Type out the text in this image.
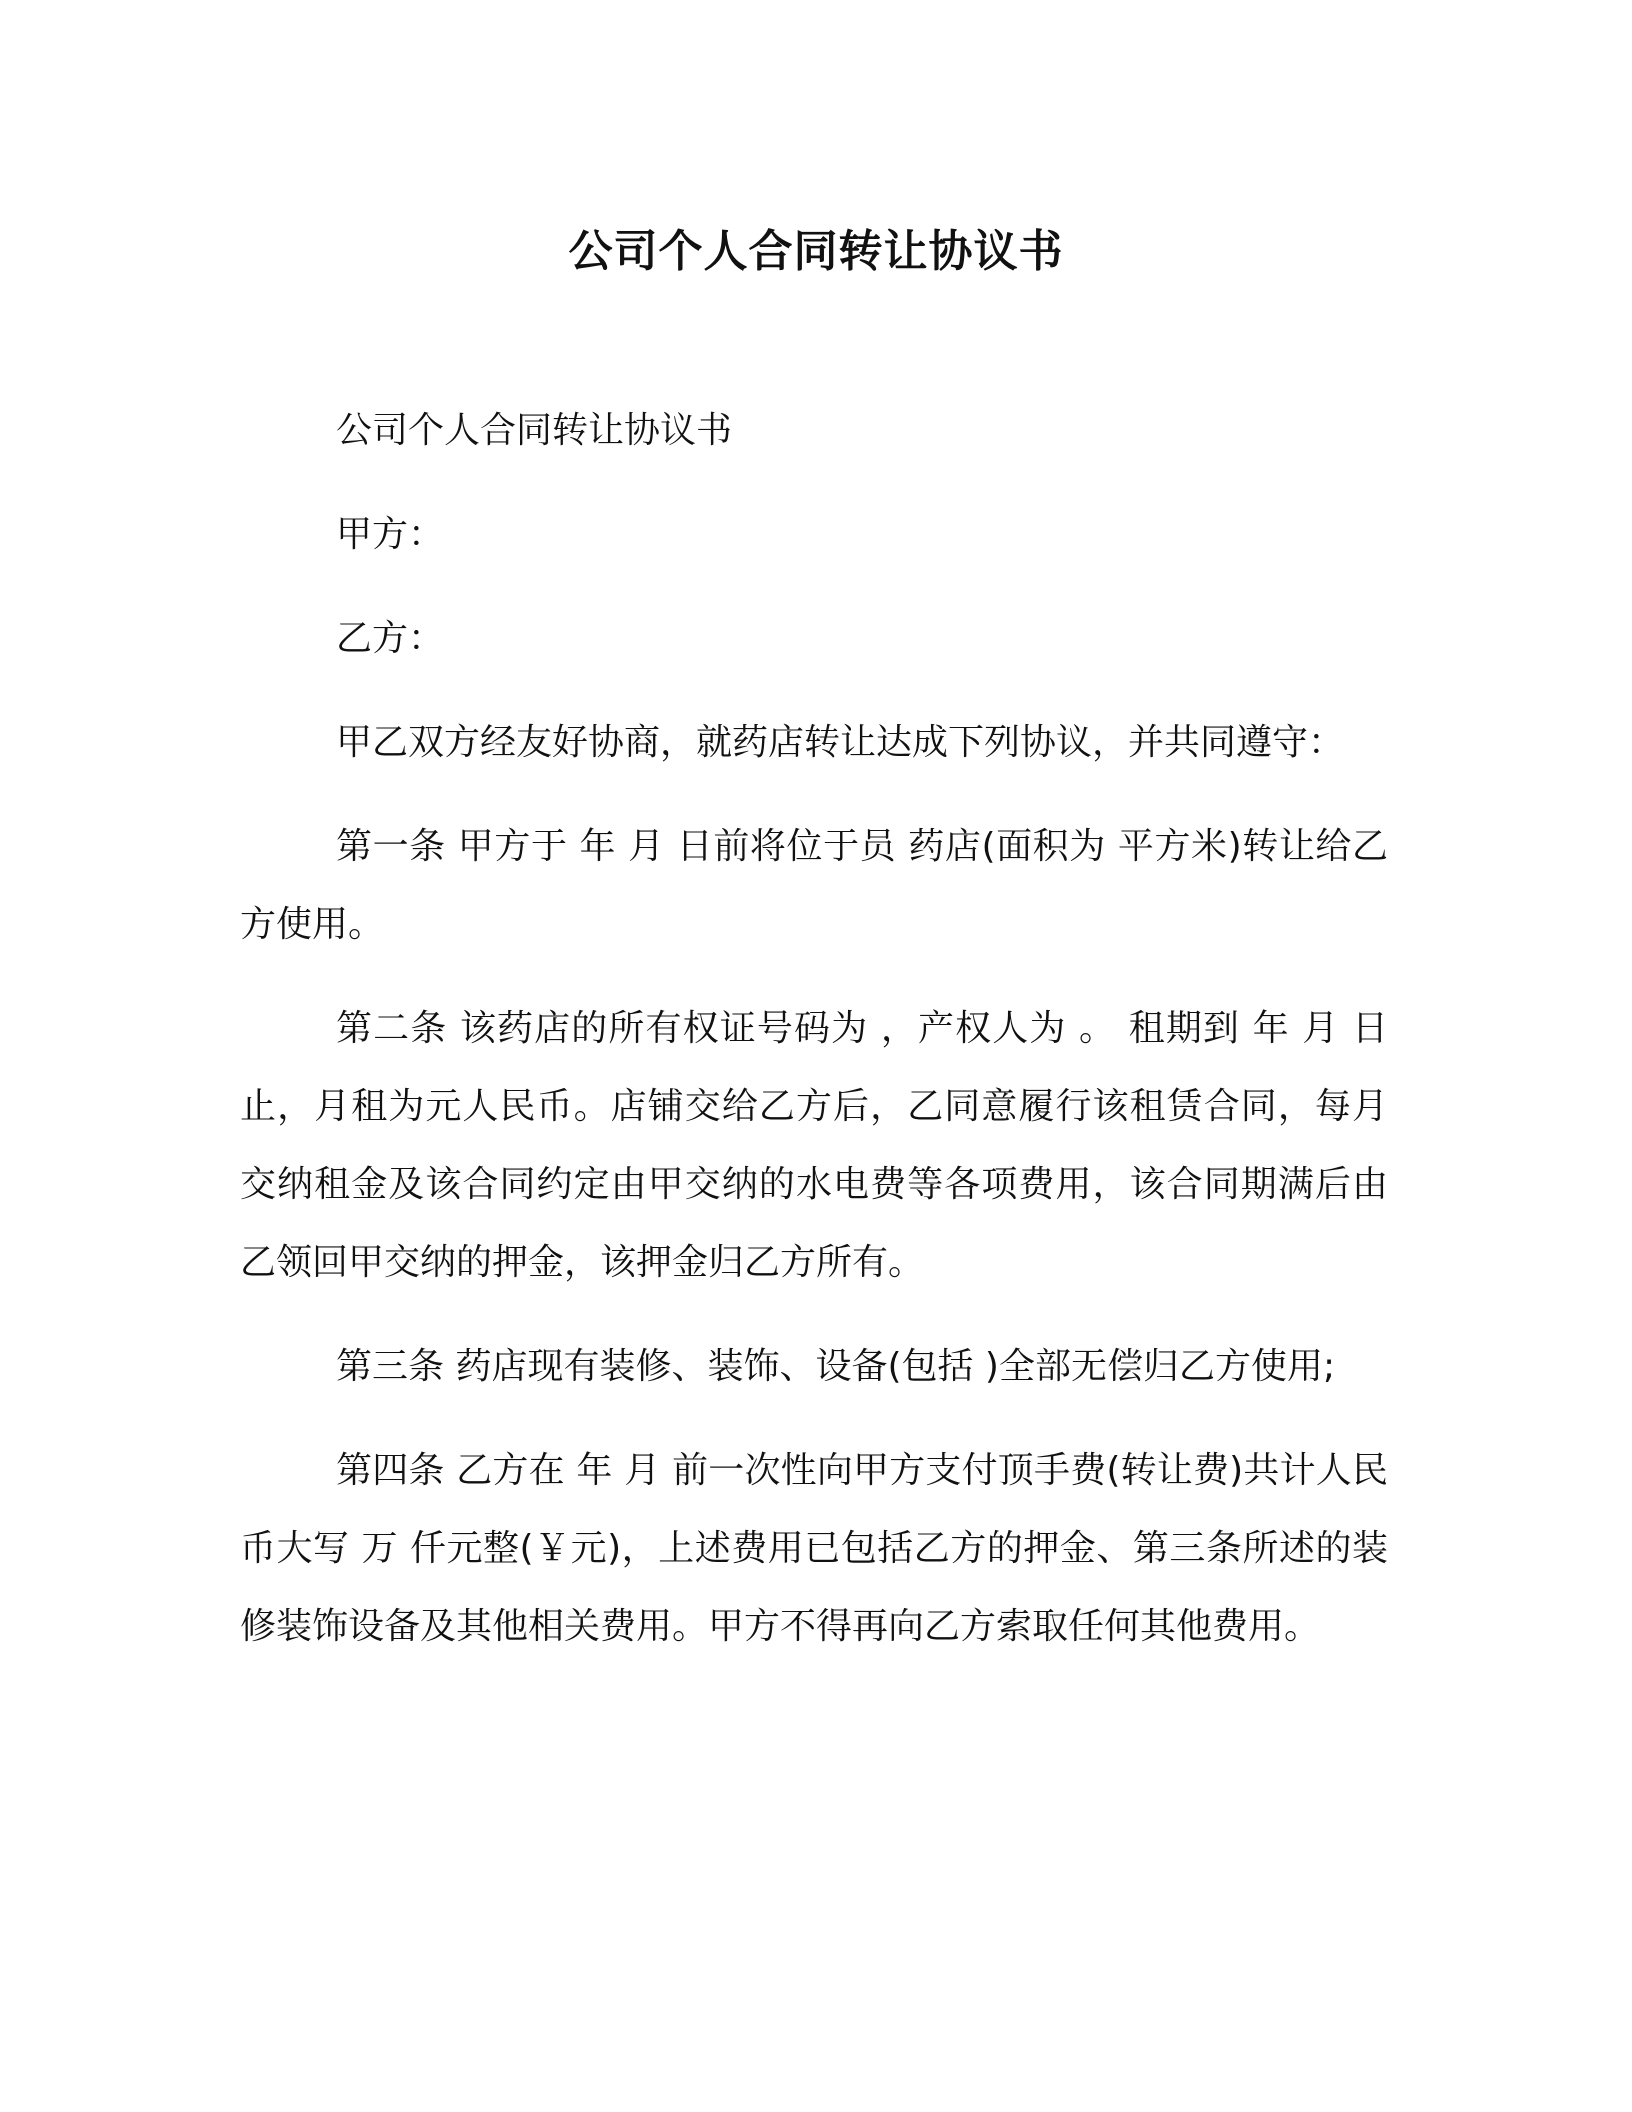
公司个人合同转让协议书

公司个人合同转让协议书

甲方：

乙方：

甲乙双方经友好协商，就药店转让达成下列协议，并共同遵守：

第一条 甲方于 年 月 日前将位于员 药店(面积为 平方米)转让给乙方使用。

第二条 该药店的所有权证号码为 ，产权人为 。 租期到 年 月 日止，月租为元人民币。店铺交给乙方后，乙同意履行该租赁合同，每月交纳租金及该合同约定由甲交纳的水电费等各项费用，该合同期满后由乙领回甲交纳的押金，该押金归乙方所有。

第三条 药店现有装修、装饰、设备(包括 )全部无偿归乙方使用;

第四条 乙方在 年 月 前一次性向甲方支付顶手费(转让费)共计人民币大写 万 仟元整(￥元)，上述费用已包括乙方的押金、第三条所述的装修装饰设备及其他相关费用。甲方不得再向乙方索取任何其他费用。
